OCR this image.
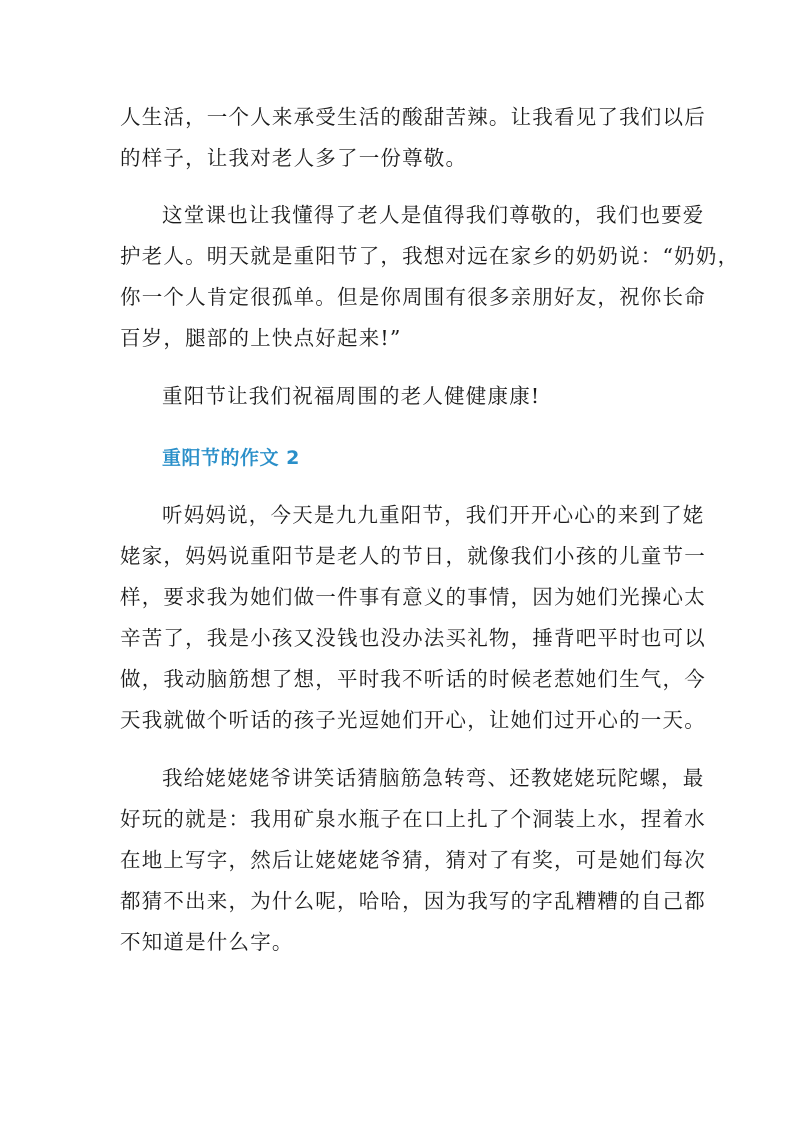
人生活，一个人来承受生活的酸甜苦辣。让我看见了我们以后
的样子，让我对老人多了一份尊敬。
这堂课也让我懂得了老人是值得我们尊敬的，我们也要爱
护老人。明天就是重阳节了，我想对远在家乡的奶奶说：“奶奶，
你一个人肯定很孤单。但是你周围有很多亲朋好友，祝你长命
百岁，腿部的上快点好起来!”
重阳节让我们祝福周围的老人健健康康!
重阳节的作文 2
听妈妈说，今天是九九重阳节，我们开开心心的来到了姥
姥家，妈妈说重阳节是老人的节日，就像我们小孩的儿童节一
样，要求我为她们做一件事有意义的事情，因为她们光操心太
辛苦了，我是小孩又没钱也没办法买礼物，捶背吧平时也可以
做，我动脑筋想了想，平时我不听话的时候老惹她们生气，今
天我就做个听话的孩子光逗她们开心，让她们过开心的一天。
我给姥姥姥爷讲笑话猜脑筋急转弯、还教姥姥玩陀螺，最
好玩的就是：我用矿泉水瓶子在口上扎了个洞装上水，捏着水
在地上写字，然后让姥姥姥爷猜，猜对了有奖，可是她们每次
都猜不出来，为什么呢，哈哈，因为我写的字乱糟糟的自己都
不知道是什么字。
